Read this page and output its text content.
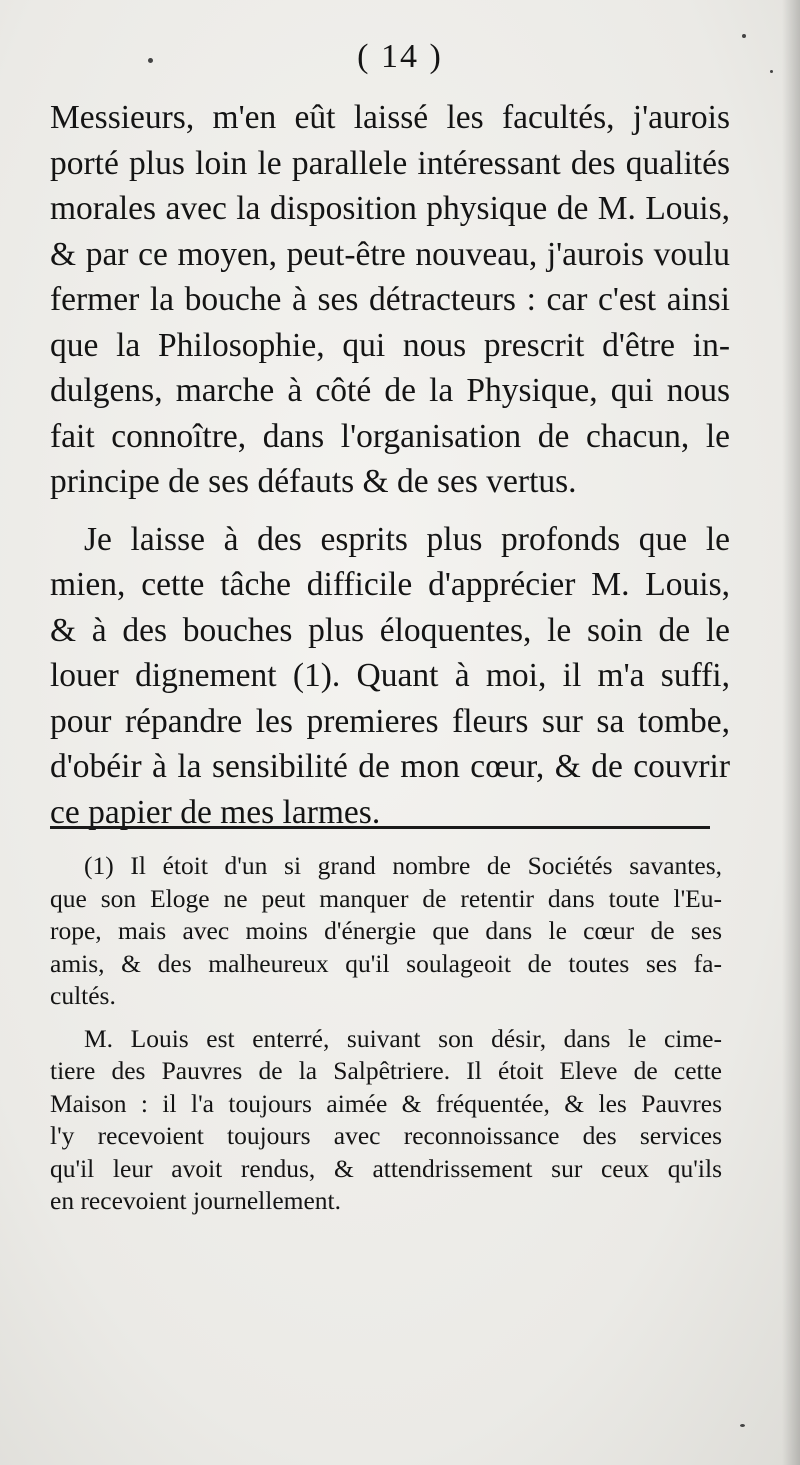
( 14 )
Messieurs, m'en eût laissé les facultés, j'aurois
porté plus loin le parallele intéressant des qualités
morales avec la disposition physique de M. Louis,
& par ce moyen, peut-être nouveau, j'aurois voulu
fermer la bouche à ses détracteurs : car c'est ainsi
que la Philosophie, qui nous prescrit d'être in-
dulgens, marche à côté de la Physique, qui nous
fait connoître, dans l'organisation de chacun, le
principe de ses défauts & de ses vertus.
Je laisse à des esprits plus profonds que le
mien, cette tâche difficile d'apprécier M. Louis,
& à des bouches plus éloquentes, le soin de le
louer dignement (1). Quant à moi, il m'a suffi,
pour répandre les premieres fleurs sur sa tombe,
d'obéir à la sensibilité de mon cœur, & de couvrir
ce papier de mes larmes.
(1) Il étoit d'un si grand nombre de Sociétés savantes,
que son Eloge ne peut manquer de retentir dans toute l'Eu-
rope, mais avec moins d'énergie que dans le cœur de ses
amis, & des malheureux qu'il soulageoit de toutes ses fa-
cultés.
M. Louis est enterré, suivant son désir, dans le cime-
tiere des Pauvres de la Salpêtriere. Il étoit Eleve de cette
Maison : il l'a toujours aimée & fréquentée, & les Pauvres
l'y recevoient toujours avec reconnoissance des services
qu'il leur avoit rendus, & attendrissement sur ceux qu'ils
en recevoient journellement.
